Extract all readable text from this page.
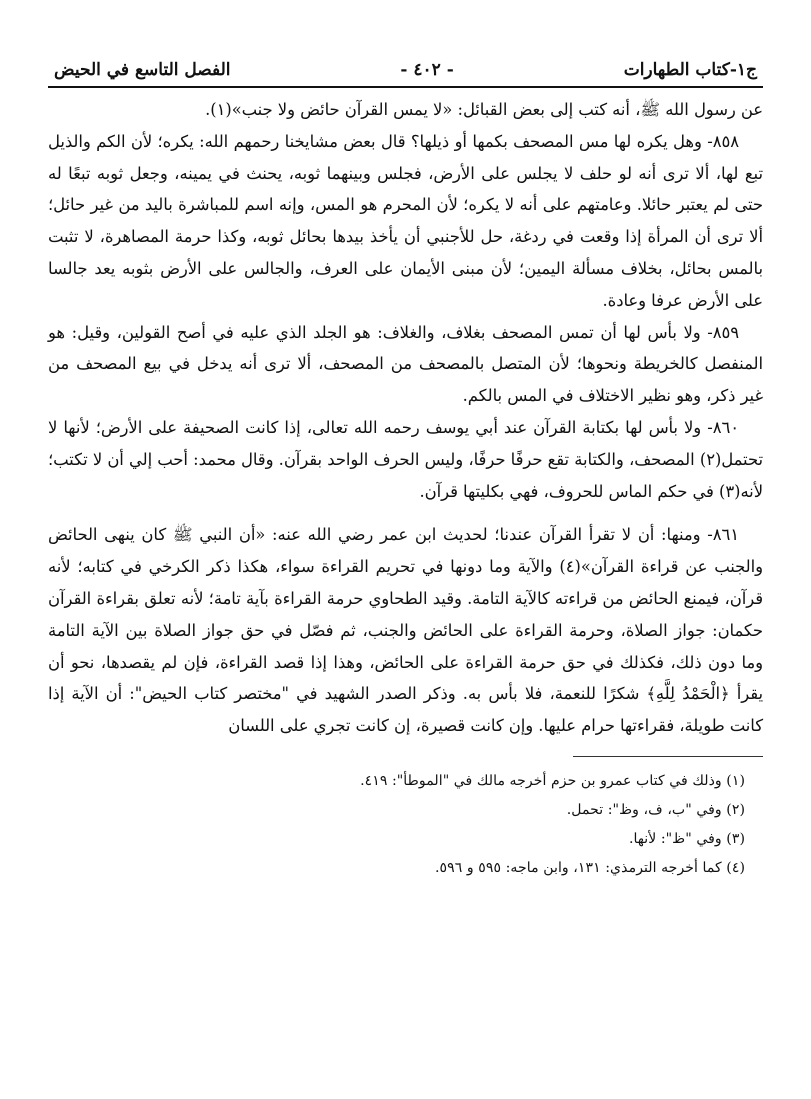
ج١-كتاب الطهارات
- ٤٠٢ -
الفصل التاسع في الحيض

عن رسول الله ﷺ، أنه كتب إلى بعض القبائل: «لا يمس القرآن حائض ولا جنب»(١).

٨٥٨- وهل يكره لها مس المصحف بكمها أو ذيلها؟ قال بعض مشايخنا رحمهم الله: يكره؛ لأن الكم والذيل تبع لها، ألا ترى أنه لو حلف لا يجلس على الأرض، فجلس وبينهما ثوبه، يحنث في يمينه، وجعل ثوبه تبعًا له حتى لم يعتبر حائلا. وعامتهم على أنه لا يكره؛ لأن المحرم هو المس، وإنه اسم للمباشرة باليد من غير حائل؛ ألا ترى أن المرأة إذا وقعت في ردغة، حل للأجنبي أن يأخذ بيدها بحائل ثوبه، وكذا حرمة المصاهرة، لا تثبت بالمس بحائل، بخلاف مسألة اليمين؛ لأن مبنى الأيمان على العرف، والجالس على الأرض بثوبه يعد جالسا على الأرض عرفا وعادة.

٨٥٩- ولا بأس لها أن تمس المصحف بغلاف، والغلاف: هو الجلد الذي عليه في أصح القولين، وقيل: هو المنفصل كالخريطة ونحوها؛ لأن المتصل بالمصحف من المصحف، ألا ترى أنه يدخل في بيع المصحف من غير ذكر، وهو نظير الاختلاف في المس بالكم.

٨٦٠- ولا بأس لها بكتابة القرآن عند أبي يوسف رحمه الله تعالى، إذا كانت الصحيفة على الأرض؛ لأنها لا تحتمل(٢) المصحف، والكتابة تقع حرفًا حرفًا، وليس الحرف الواحد بقرآن. وقال محمد: أحب إلي أن لا تكتب؛ لأنه(٣) في حكم الماس للحروف، فهي بكليتها قرآن.

٨٦١- ومنها: أن لا تقرأ القرآن عندنا؛ لحديث ابن عمر رضي الله عنه: «أن النبي ﷺ كان ينهى الحائض والجنب عن قراءة القرآن»(٤) والآية وما دونها في تحريم القراءة سواء، هكذا ذكر الكرخي في كتابه؛ لأنه قرآن، فيمنع الحائض من قراءته كالآية التامة. وقيد الطحاوي حرمة القراءة بآية تامة؛ لأنه تعلق بقراءة القرآن حكمان: جواز الصلاة، وحرمة القراءة على الحائض والجنب، ثم فصّل في حق جواز الصلاة بين الآية التامة وما دون ذلك، فكذلك في حق حرمة القراءة على الحائض، وهذا إذا قصد القراءة، فإن لم يقصدها، نحو أن يقرأ ﴿الْحَمْدُ لِلَّهِ﴾ شكرًا للنعمة، فلا بأس به. وذكر الصدر الشهيد في "مختصر كتاب الحيض": أن الآية إذا كانت طويلة، فقراءتها حرام عليها. وإن كانت قصيرة، إن كانت تجري على اللسان

(١) وذلك في كتاب عمرو بن حزم أخرجه مالك في "الموطأ": ٤١٩.

(٢) وفي "ب، ف، وظ": تحمل.

(٣) وفي "ظ": لأنها.

(٤) كما أخرجه الترمذي: ١٣١، وابن ماجه: ٥٩٥ و ٥٩٦.
